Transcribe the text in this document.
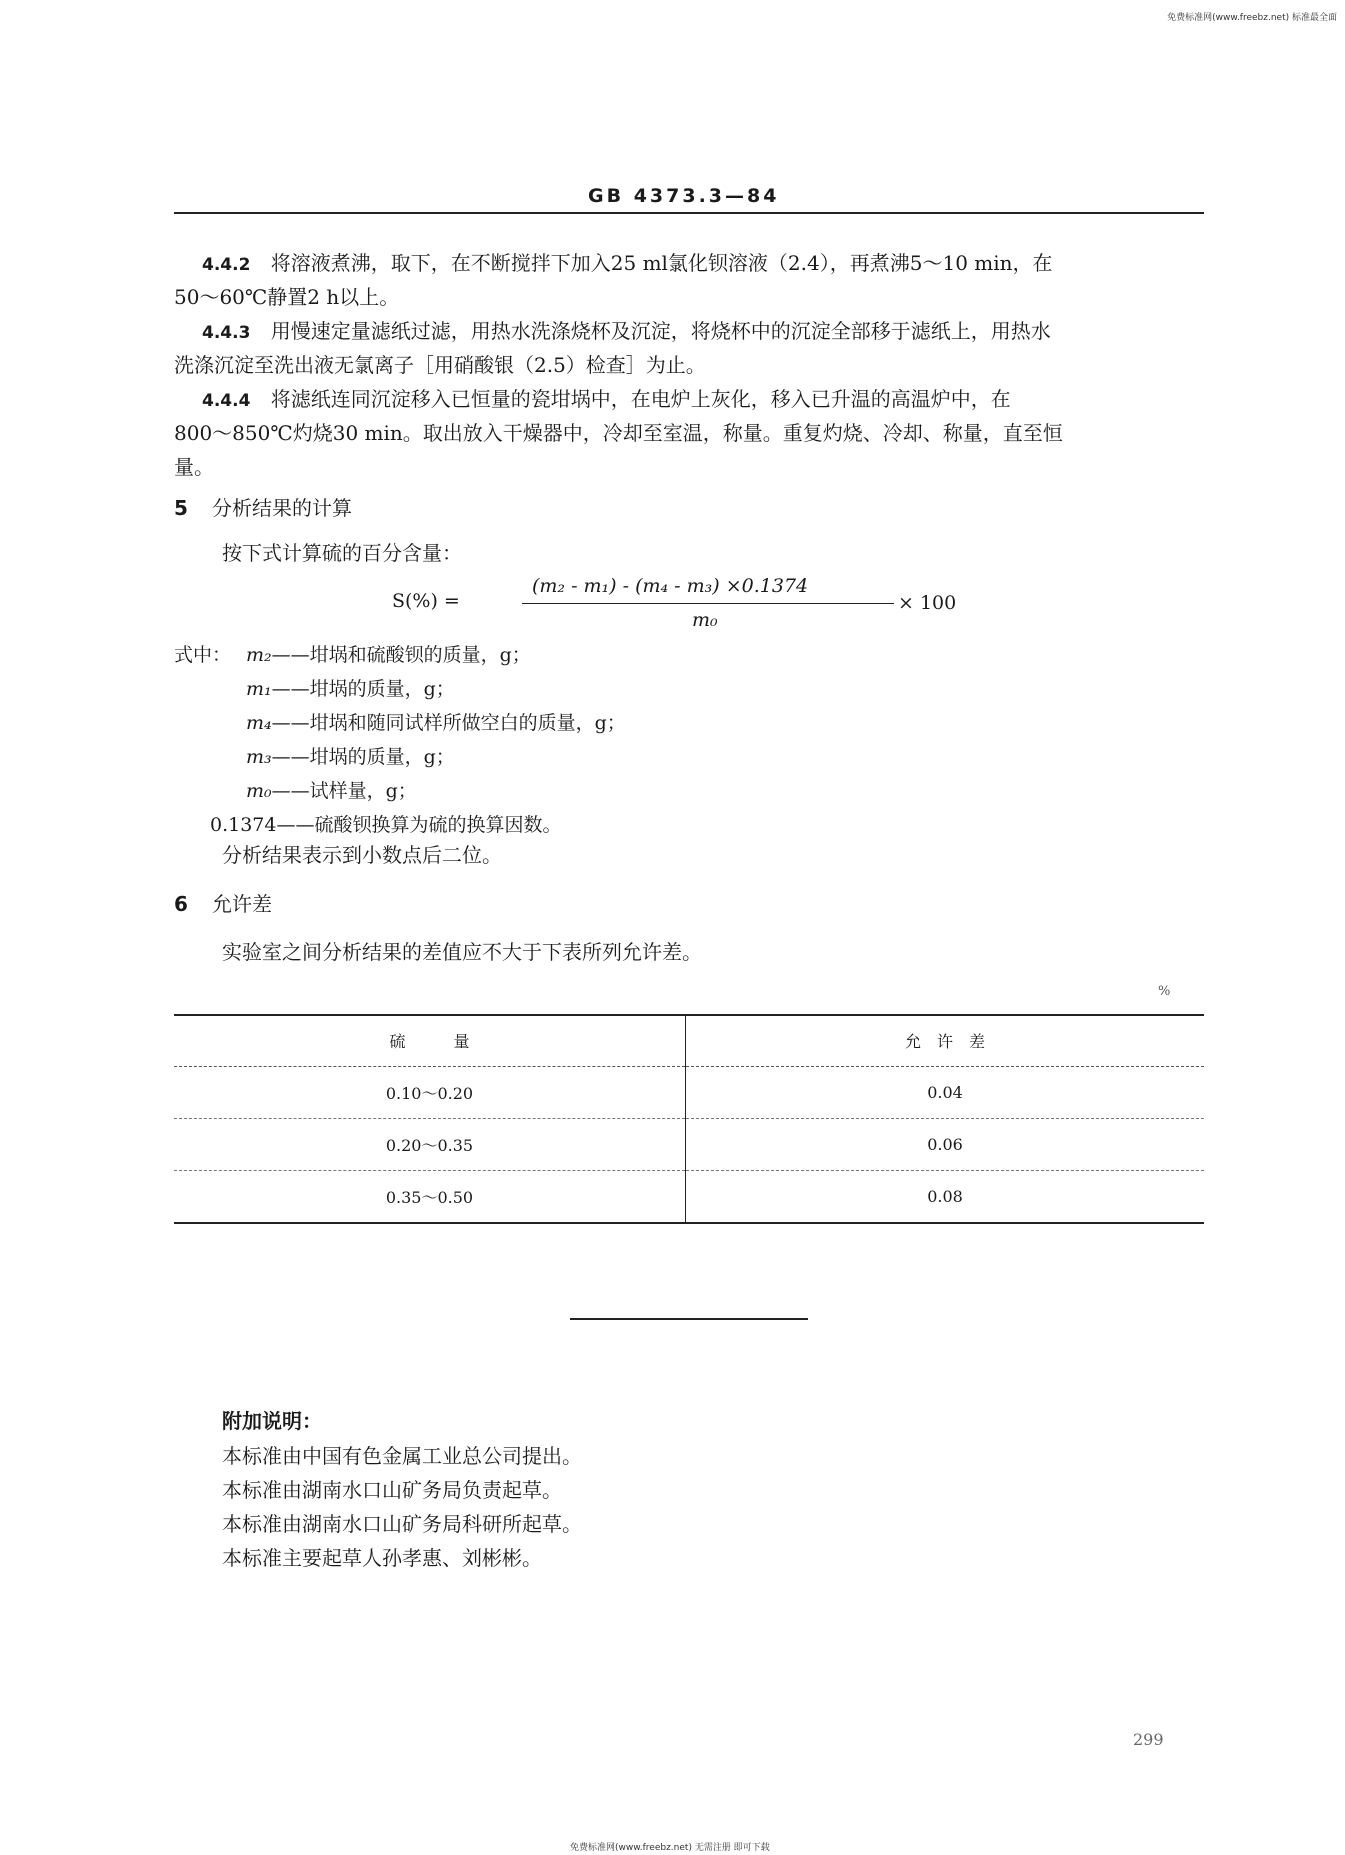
免费标准网(www.freebz.net) 标准最全面
免费标准网(www.freebz.net) 无需注册 即可下载
GB 4373.3—84
4.4.2 将溶液煮沸，取下，在不断搅拌下加入25 ml氯化钡溶液（2.4），再煮沸5～10 min，在
50～60℃静置2 h以上。
4.4.3 用慢速定量滤纸过滤，用热水洗涤烧杯及沉淀，将烧杯中的沉淀全部移于滤纸上，用热水
洗涤沉淀至洗出液无氯离子［用硝酸银（2.5）检查］为止。
4.4.4 将滤纸连同沉淀移入已恒量的瓷坩埚中，在电炉上灰化，移入已升温的高温炉中，在
800～850℃灼烧30 min。取出放入干燥器中，冷却至室温，称量。重复灼烧、冷却、称量，直至恒
量。
5 分析结果的计算
按下式计算硫的百分含量：
S(%) =
(m₂ - m₁) - (m₄ - m₃) ×0.1374
m₀
× 100
式中： m₂——坩埚和硫酸钡的质量，g；
m₁——坩埚的质量，g；
m₄——坩埚和随同试样所做空白的质量，g；
m₃——坩埚的质量，g；
m₀——试样量，g；
0.1374——硫酸钡换算为硫的换算因数。
分析结果表示到小数点后二位。
6 允许差
实验室之间分析结果的差值应不大于下表所列允许差。
%
硫　　　量	允　许　差
0.10～0.20	0.04
0.20～0.35	0.06
0.35～0.50	0.08
附加说明：
本标准由中国有色金属工业总公司提出。
本标准由湖南水口山矿务局负责起草。
本标准由湖南水口山矿务局科研所起草。
本标准主要起草人孙孝惠、刘彬彬。
299
